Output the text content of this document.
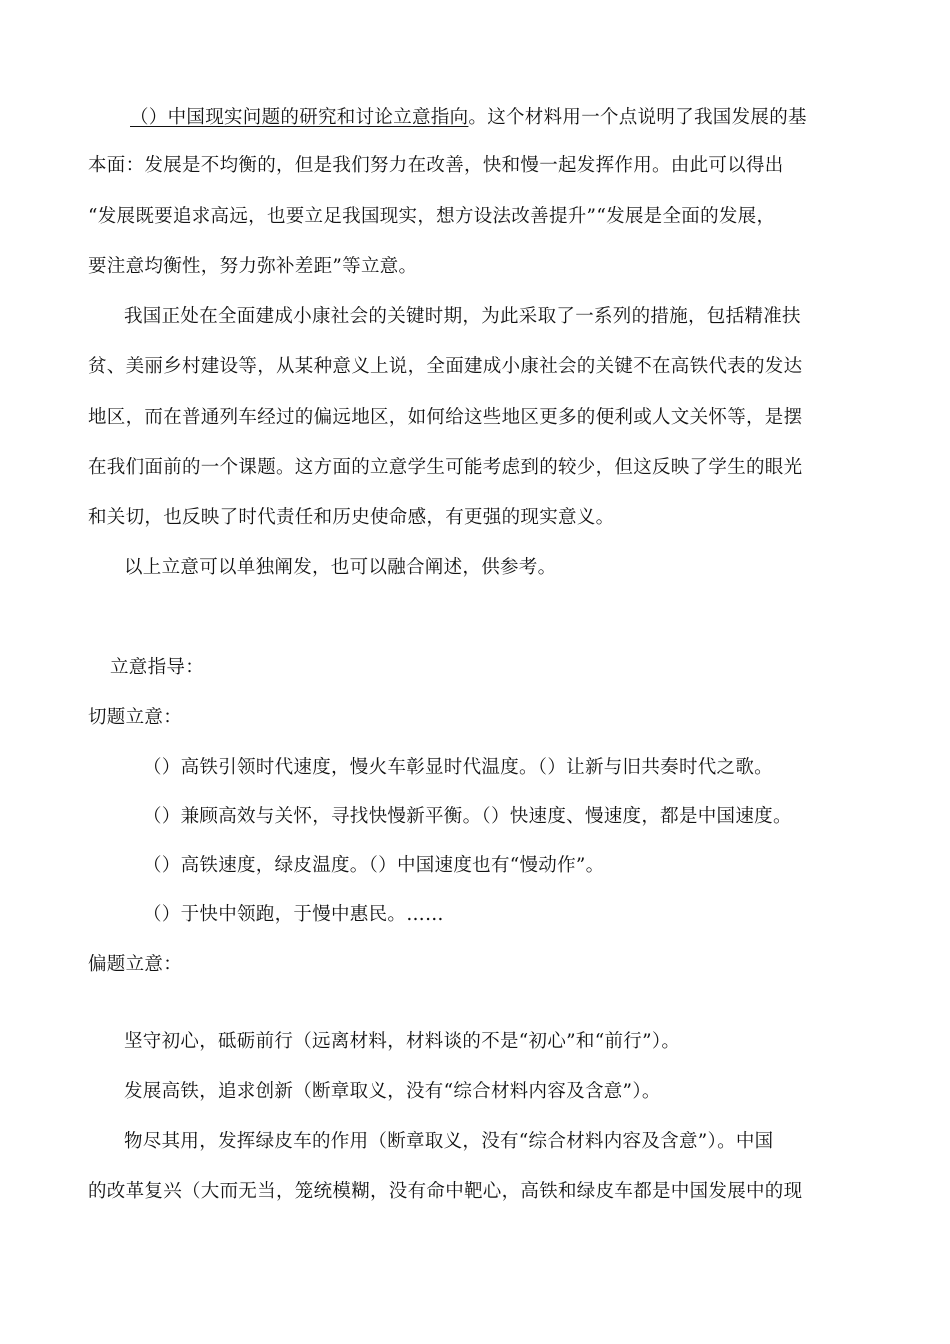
（）中国现实问题的研究和讨论立意指向。这个材料用一个点说明了我国发展的基
本面：发展是不均衡的，但是我们努力在改善，快和慢一起发挥作用。由此可以得出
“发展既要追求高远，也要立足我国现实，想方设法改善提升”“发展是全面的发展，
要注意均衡性，努力弥补差距”等立意。
我国正处在全面建成小康社会的关键时期，为此采取了一系列的措施，包括精准扶
贫、美丽乡村建设等，从某种意义上说，全面建成小康社会的关键不在高铁代表的发达
地区，而在普通列车经过的偏远地区，如何给这些地区更多的便利或人文关怀等，是摆
在我们面前的一个课题。这方面的立意学生可能考虑到的较少，但这反映了学生的眼光
和关切，也反映了时代责任和历史使命感，有更强的现实意义。
以上立意可以单独阐发，也可以融合阐述，供参考。
立意指导：
切题立意：
（）高铁引领时代速度，慢火车彰显时代温度。（）让新与旧共奏时代之歌。
（）兼顾高效与关怀，寻找快慢新平衡。（）快速度、慢速度，都是中国速度。
（）高铁速度，绿皮温度。（）中国速度也有“慢动作”。
（）于快中领跑，于慢中惠民。……
偏题立意：
坚守初心，砥砺前行（远离材料，材料谈的不是“初心”和“前行”）。
发展高铁，追求创新（断章取义，没有“综合材料内容及含意”）。
物尽其用，发挥绿皮车的作用（断章取义，没有“综合材料内容及含意”）。中国
的改革复兴（大而无当，笼统模糊，没有命中靶心，高铁和绿皮车都是中国发展中的现
